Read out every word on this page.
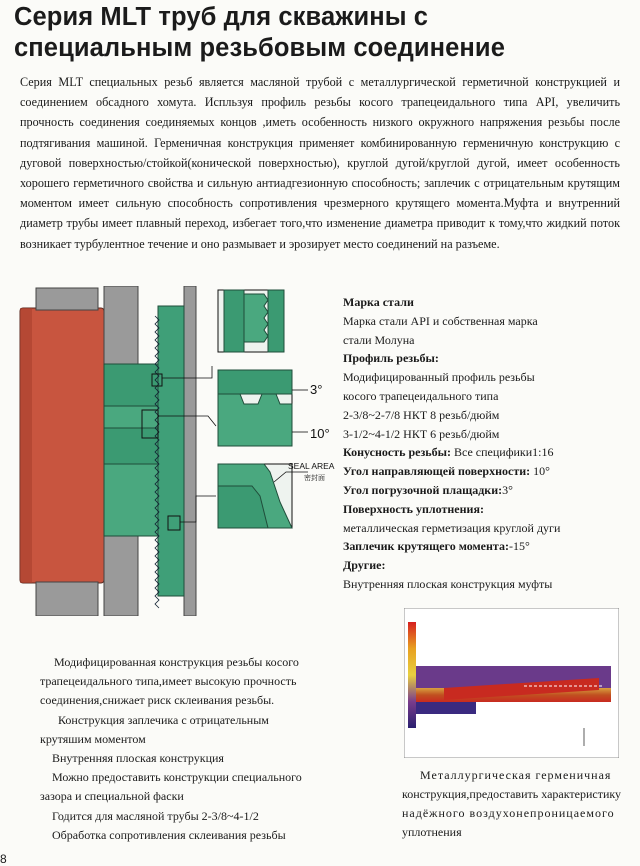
Серия MLT труб для скважины с
специальным резьбовым соединение

Серия MLT специальных резьб является масляной трубой с металлургической герметичной конструкцией и соединением обсадного хомута. Испльзуя профиль резьбы косого трапецеидального типа API, увеличить прочность соединения соединяемых концов ,иметь особенность низкого окружного напряжения резьбы после подтягивания машиной. Гермeничная конструкция применяет комбинированную гермeничную конструкцию с дуговой поверхностью/стойкой(конической поверхностью), круглой дугой/круглой дугой, имеет особенность хорошего герметичного свойства и сильную антиадгезионную способность; заплечик с отрицательным крутящим моментом имеет сильную способность сопротивления чрезмерного крутящего момента.Муфта и внутренний диаметр трубы имеет плавный переход, избегает того,что изменение диаметра приводит к тому,что жидкий поток возникает турбулентное течение и оно размывает и эрозирует место соединений на разъеме.

3°
10°
SEAL AREA
密封面
Марка стали
Марка стали API и собственная марка
стали Молуна
Профиль резьбы:
Модифицированный профиль резьбы
косого трапецеидального типа
2-3/8~2-7/8 НКТ 8 резьб/дюйм
3-1/2~4-1/2 НКТ 6 резьб/дюйм
Конусность резьбы: Все специфики1:16
Угол направляющей поверхности: 10°
Угол погрузочной плащадки:3°
Поверхность уплотнения:
металлическая герметизация круглой дуги
Заплечик крутящего момента:-15°
Другие:
Внутренняя плоская конструкция муфты
Модифицированная конструкция резьбы косого
трапецеидального типа,имеет высокую прочность
соединения,снижает риск склеивания резьбы.
Конструкция заплечика с отрицательным
крутяшим моментом
Внутренняя плоская конструкция
Можно предоставить конструкции специального
зазора и специальной фаски
Годится для масляной трубы 2-3/8~4-1/2
Обработка сопротивления склеивания резьбы
Металлургическая гермeничная
конструкция,предоставить характеристику
надёжного воздухонепроницаемого
уплотнения
8
